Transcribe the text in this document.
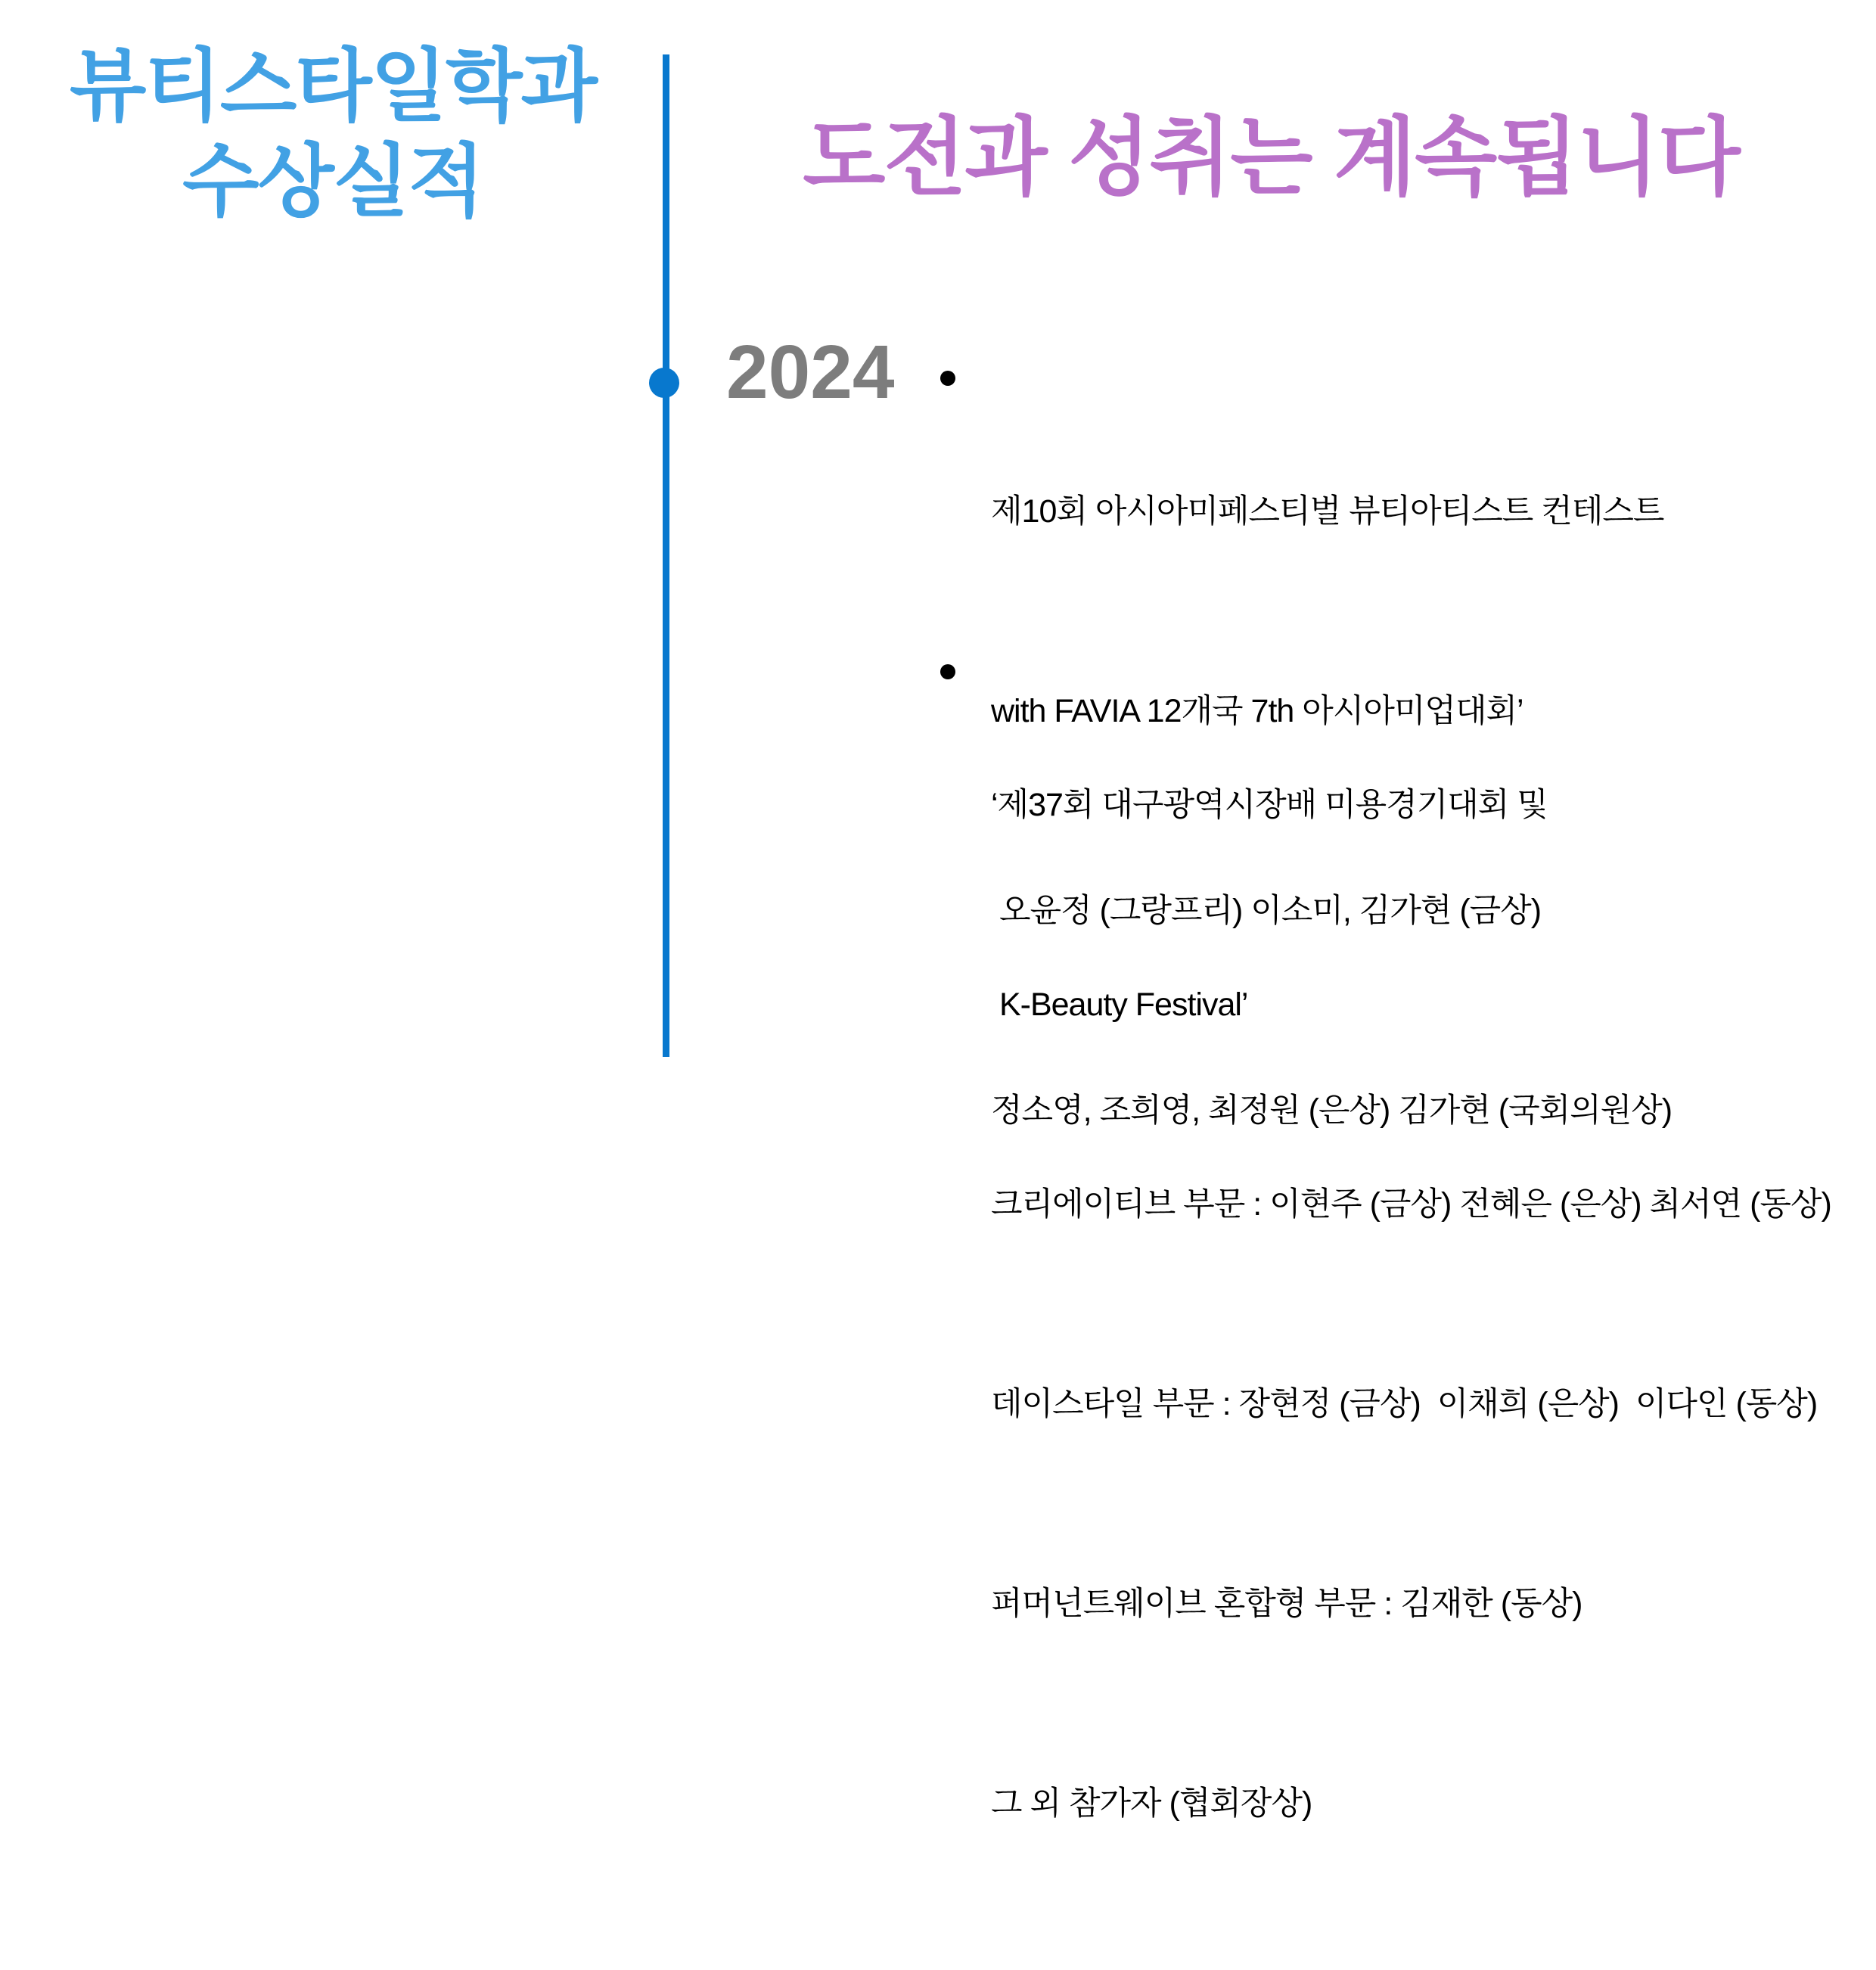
뷰티스타일학과
수상실적	도전과 성취는 계속됩니다
2024

제10회 아시아미페스티벌 뷰티아티스트 컨테스트

with FAVIA 12개국 7th 아시아미업대회’

오윤정 (그랑프리) 이소미, 김가현 (금상)

정소영, 조희영, 최정원 (은상) 김가현 (국회의원상)

‘제37회 대구광역시장배 미용경기대회 및

K-Beauty Festival’

크리에이티브 부문 : 이현주 (금상) 전혜은 (은상) 최서연 (동상)

데이스타일 부문 : 장현정 (금상)  이채희 (은상)  이다인 (동상)

퍼머넌트웨이브 혼합형 부문 : 김재한 (동상)

그 외 참가자 (협회장상)
